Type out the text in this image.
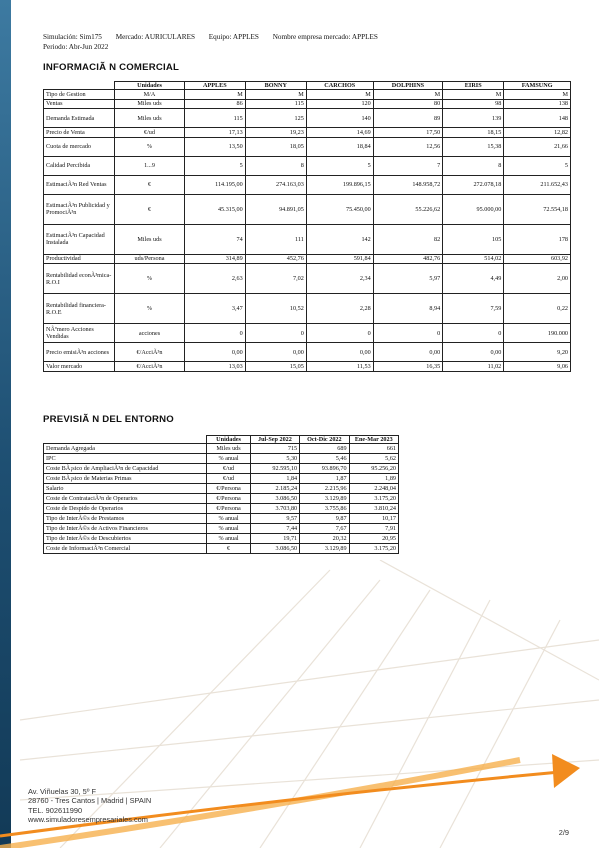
Simulación: Sim175 Mercado: AURICULARES Equipo: APPLES Nombre empresa mercado: APPLES
Periodo: Abr-Jun 2022
INFORMACIÃ N COMERCIAL
	Unidades	APPLES	BONNY	CARCHOS	DOLPHINS	EIRIS	FAMSUNG
Tipo de Gestion	M/A	M	M	M	M	M	M
Ventas	Miles uds	86	115	120	80	98	138
Demanda Estimada	Miles uds	115	125	140	89	139	148
Precio de Venta	€/ud	17,13	19,23	14,69	17,50	18,15	12,82
Cuota de mercado	%	13,50	18,05	18,84	12,56	15,38	21,66
Calidad Percibida	1...9	5	8	5	7	8	5
EstimaciÃ³n Red Ventas	€	114.195,00	274.163,03	199.896,15	148.958,72	272.078,18	211.652,43
EstimaciÃ³n Publicidad y PromociÃ³n	€	45.315,00	94.891,05	75.450,00	55.226,62	95.000,00	72.554,18
EstimaciÃ³n Capacidad Instalada	Miles uds	74	111	142	82	105	178
Productividad	uds/Persona	314,89	452,76	591,84	482,76	514,02	603,92
Rentabilidad econÃ³mica-R.O.I	%	2,63	7,02	2,34	5,97	4,49	2,00
Rentabilidad financiera-R.O.E	%	3,47	10,52	2,28	8,94	7,59	0,22
NÃºmero Acciones Vendidas	acciones	0	0	0	0	0	190.000
Precio emisiÃ³n acciones	€/AcciÃ³n	0,00	0,00	0,00	0,00	0,00	9,20
Valor mercado	€/AcciÃ³n	13,03	15,05	11,53	16,35	11,02	9,06
PREVISIÃ N DEL ENTORNO
	Unidades	Jul-Sep 2022	Oct-Dic 2022	Ene-Mar 2023
Demanda Agregada	Miles uds	715	689	661
IPC	% anual	5,30	5,46	5,62
Coste BÃ¡sico de AmpliaciÃ³n de Capacidad	€/ud	92.595,10	93.896,70	95.256,20
Coste BÃ¡sico de Materias Primas	€/ud	1,84	1,87	1,89
Salario	€/Persona	2.185,24	2.215,96	2.248,04
Coste de ContrataciÃ³n de Operarios	€/Persona	3.086,50	3.129,89	3.175,20
Coste de Despido de Operarios	€/Persona	3.703,80	3.755,86	3.810,24
Tipo de InterÃ©s de Prestamos	% anual	9,57	9,87	10,17
Tipo de InterÃ©s de Activos Financieros	% anual	7,44	7,67	7,91
Tipo de InterÃ©s de Descubiertos	% anual	19,71	20,32	20,95
Coste de InformaciÃ³n Comercial	€	3.086,50	3.129,89	3.175,20
Av. Viñuelas 30, 5º F
28760 - Tres Cantos | Madrid | SPAIN
TEL. 902611990
www.simuladoresempresariales.com
2/9
